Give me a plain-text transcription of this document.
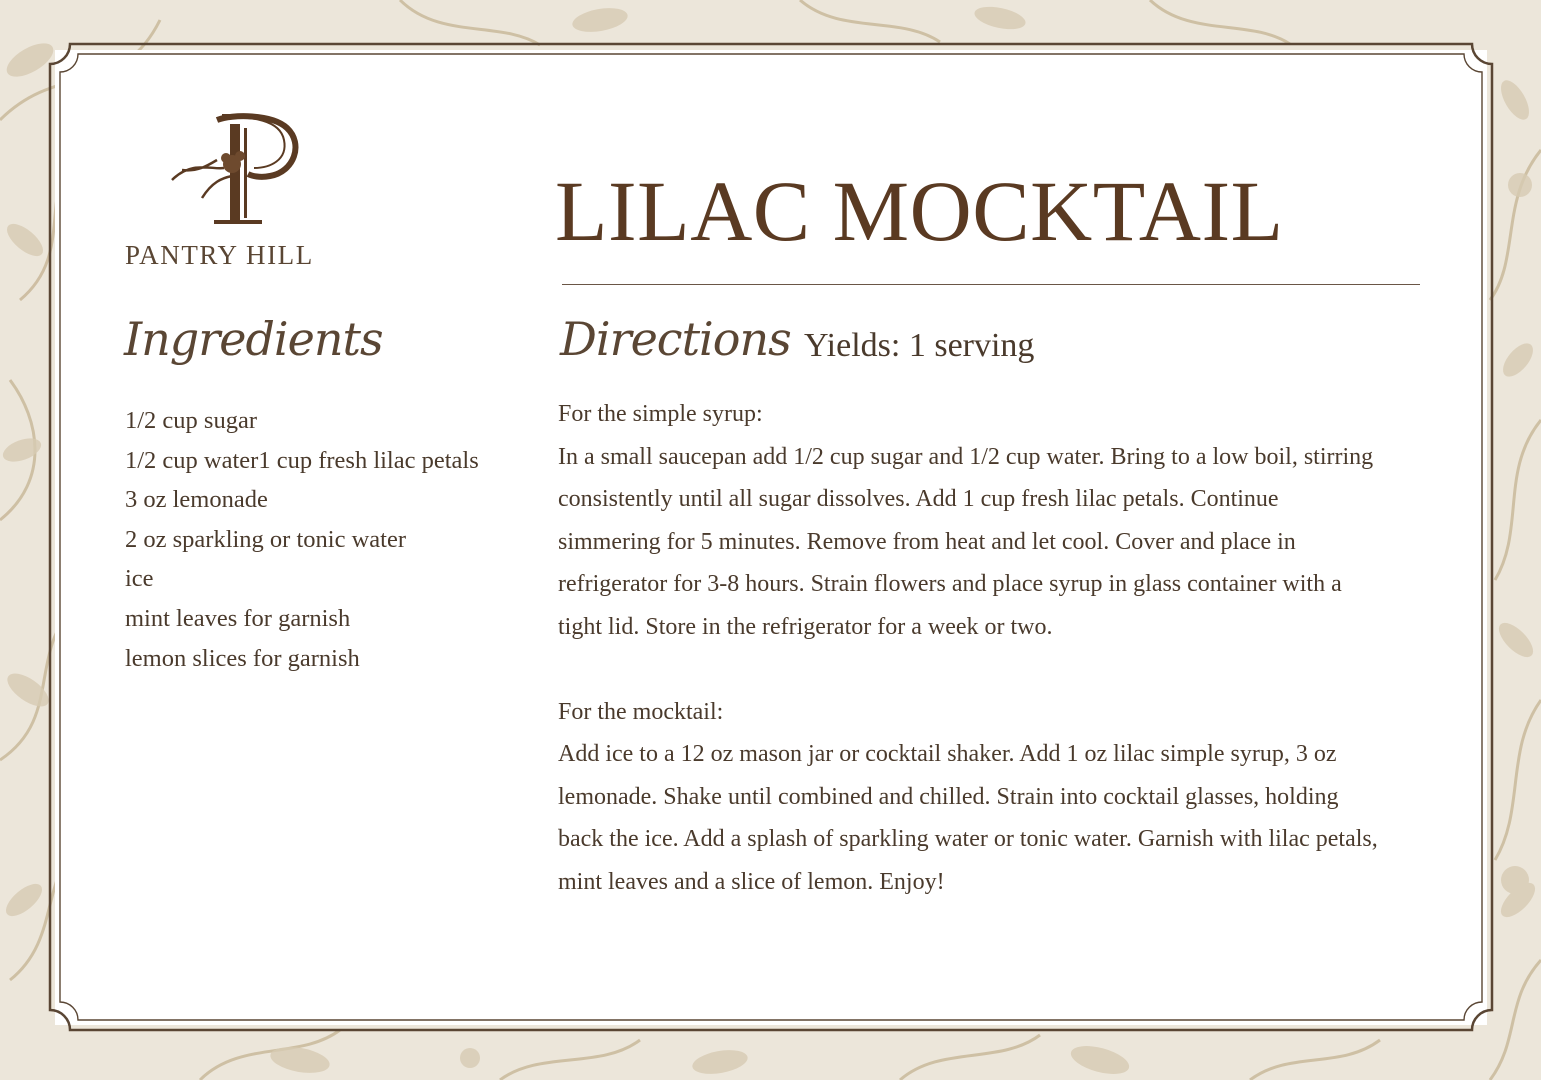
PANTRY HILL	LILAC MOCKTAIL
Ingredients
1/2 cup sugar
1/2 cup water1 cup fresh lilac petals
3 oz lemonade
2 oz sparkling or tonic water
ice
mint leaves for garnish
lemon slices for garnish
Directions Yields: 1 serving

For the simple syrup:

In a small saucepan add 1/2 cup sugar and 1/2 cup water. Bring to a low boil, stirring consistently until all sugar dissolves. Add 1 cup fresh lilac petals. Continue simmering for 5 minutes. Remove from heat and let cool. Cover and place in refrigerator for 3-8 hours. Strain flowers and place syrup in glass container with a tight lid. Store in the refrigerator for a week or two.

For the mocktail:

Add ice to a 12 oz mason jar or cocktail shaker. Add 1 oz lilac simple syrup, 3 oz lemonade. Shake until combined and chilled. Strain into cocktail glasses, holding back the ice. Add a splash of sparkling water or tonic water. Garnish with lilac petals, mint leaves and a slice of lemon. Enjoy!
